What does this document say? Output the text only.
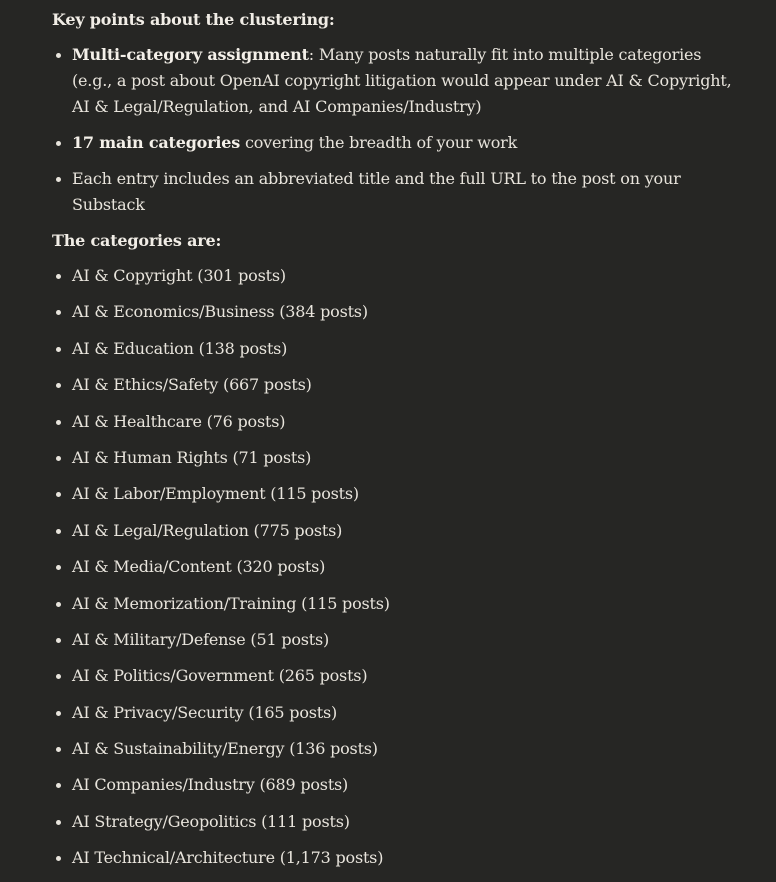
Key points about the clustering:

Multi-category assignment: Many posts naturally fit into multiple categories (e.g., a post about OpenAI copyright litigation would appear under AI & Copyright, AI & Legal/Regulation, and AI Companies/Industry)
17 main categories covering the breadth of your work
Each entry includes an abbreviated title and the full URL to the post on your Substack

The categories are:

AI & Copyright (301 posts)
AI & Economics/Business (384 posts)
AI & Education (138 posts)
AI & Ethics/Safety (667 posts)
AI & Healthcare (76 posts)
AI & Human Rights (71 posts)
AI & Labor/Employment (115 posts)
AI & Legal/Regulation (775 posts)
AI & Media/Content (320 posts)
AI & Memorization/Training (115 posts)
AI & Military/Defense (51 posts)
AI & Politics/Government (265 posts)
AI & Privacy/Security (165 posts)
AI & Sustainability/Energy (136 posts)
AI Companies/Industry (689 posts)
AI Strategy/Geopolitics (111 posts)
AI Technical/Architecture (1,173 posts)
